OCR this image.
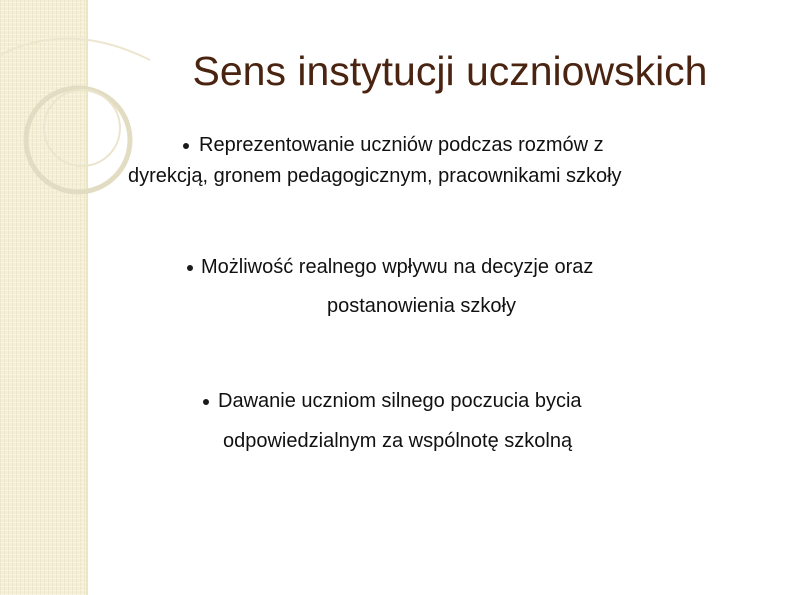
Sens instytucji uczniowskich
Reprezentowanie uczniów podczas rozmów z
dyrekcją, gronem pedagogicznym, pracownikami szkoły
Możliwość realnego wpływu na decyzje oraz
postanowienia szkoły
Dawanie uczniom silnego poczucia bycia
odpowiedzialnym za wspólnotę szkolną
